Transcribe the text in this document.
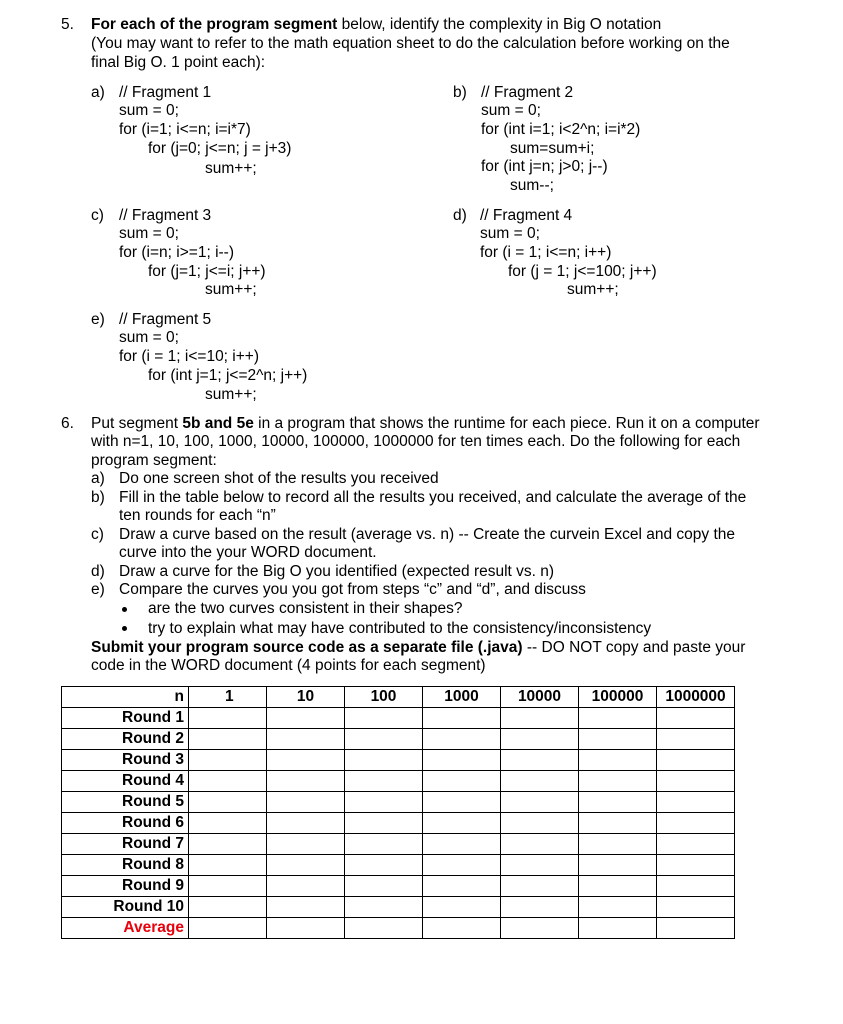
5. For each of the program segment below, identify the complexity in Big O notation
(You may want to refer to the math equation sheet to do the calculation before working on the
final Big O. 1 point each):
a) // Fragment 1
sum = 0;
for (i=1; i<=n; i=i*7)
for (j=0; j<=n; j = j+3)
sum++;
b) // Fragment 2
sum = 0;
for (int i=1; i<2^n; i=i*2)
sum=sum+i;
for (int j=n; j>0; j--)
sum--;
c) // Fragment 3
sum = 0;
for (i=n; i>=1; i--)
for (j=1; j<=i; j++)
sum++;
d) // Fragment 4
sum = 0;
for (i = 1; i<=n; i++)
for (j = 1; j<=100; j++)
sum++;
e) // Fragment 5
sum = 0;
for (i = 1; i<=10; i++)
for (int j=1; j<=2^n; j++)
sum++;
6. Put segment 5b and 5e in a program that shows the runtime for each piece. Run it on a computer
with n=1, 10, 100, 1000, 10000, 100000, 1000000 for ten times each. Do the following for each
program segment:
a) Do one screen shot of the results you received
b) Fill in the table below to record all the results you received, and calculate the average of the
ten rounds for each “n”
c) Draw a curve based on the result (average vs. n) -- Create the curvein Excel and copy the
curve into the your WORD document.
d) Draw a curve for the Big O you identified (expected result vs. n)
e) Compare the curves you you got from steps “c” and “d”, and discuss
are the two curves consistent in their shapes?
try to explain what may have contributed to the consistency/inconsistency
Submit your program source code as a separate file (.java) -- DO NOT copy and paste your
code in the WORD document (4 points for each segment)
n	1	10	100	1000	10000	100000	1000000
Round 1							
Round 2							
Round 3							
Round 4							
Round 5							
Round 6							
Round 7							
Round 8							
Round 9							
Round 10							
Average							
